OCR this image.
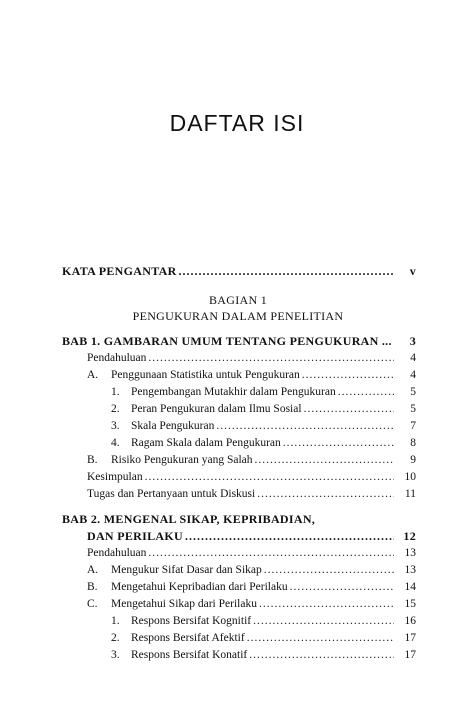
DAFTAR ISI
KATA PENGANTAR .....	v
BAGIAN 1
PENGUKURAN DALAM PENELITIAN
BAB 1. GAMBARAN UMUM TENTANG PENGUKURAN ...	3
Pendahuluan .....	4
A.	Penggunaan Statistika untuk Pengukuran .....	4
1. Pengembangan Mutakhir dalam Pengukuran .....	5
2. Peran Pengukuran dalam Ilmu Sosial .....	5
3. Skala Pengukuran .....	7
4. Ragam Skala dalam Pengukuran .....	8
B.	Risiko Pengukuran yang Salah .....	9
Kesimpulan .....	10
Tugas dan Pertanyaan untuk Diskusi .....	11
BAB 2. MENGENAL SIKAP, KEPRIBADIAN,
DAN PERILAKU .....	12
Pendahuluan .....	13
A.	Mengukur Sifat Dasar dan Sikap .....	13
B.	Mengetahui Kepribadian dari Perilaku .....	14
C.	Mengetahui Sikap dari Perilaku .....	15
1. Respons Bersifat Kognitif .....	16
2. Respons Bersifat Afektif .....	17
3. Respons Bersifat Konatif .....	17
